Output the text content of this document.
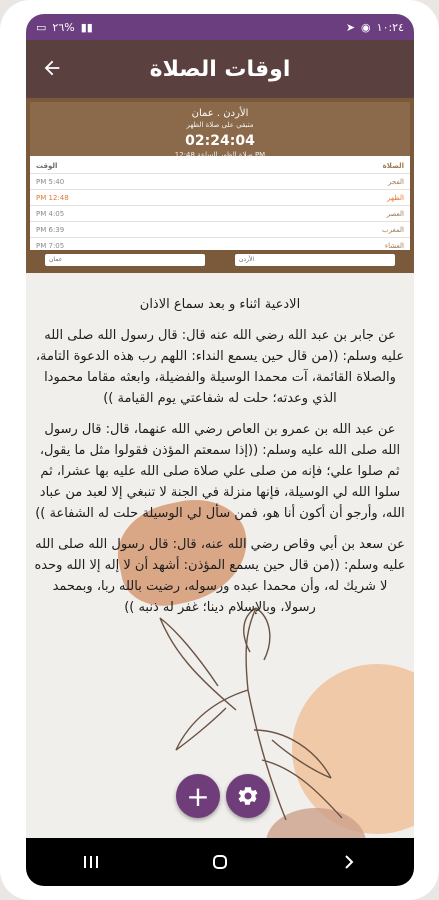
▭ ٢٦% ▮▮	➤ ◉ ١٠:٢٤
اوقات الصلاة
الأردن . عمان
متبقي على صلاة الظهر
02:24:04
صلاة الظهر الساعة 12:48 PM
الوقت	الصلاة
PM 5:40	الفجر
PM 12:48	الظهر
PM 4:05	العصر
PM 6:39	المغرب
PM 7:05	العشاء
عمان	الأردن
الادعية اثناء و بعد سماع الاذان
عن جابر بن عبد الله رضي الله عنه قال: قال رسول الله صلى الله عليه وسلم: ((من قال حين يسمع النداء: اللهم رب هذه الدعوة التامة، والصلاة القائمة، آت محمدا الوسيلة والفضيلة، وابعثه مقاما محمودا الذي وعدته؛ حلت له شفاعتي يوم القيامة ))
عن عبد الله بن عمرو بن العاص رضي الله عنهما، قال: قال رسول الله صلى الله عليه وسلم: ((إذا سمعتم المؤذن فقولوا مثل ما يقول، ثم صلوا علي؛ فإنه من صلى علي صلاة صلى الله عليه بها عشرا، ثم سلوا الله لي الوسيلة، فإنها منزلة في الجنة لا تنبغي إلا لعبد من عباد الله، وأرجو أن أكون أنا هو، فمن سأل لي الوسيلة حلت له الشفاعة ))
عن سعد بن أبي وقاص رضي الله عنه، قال: قال رسول الله صلى الله عليه وسلم: ((من قال حين يسمع المؤذن: أشهد أن لا إله إلا الله وحده لا شريك له، وأن محمدا عبده ورسوله، رضيت بالله ربا، وبمحمد رسولا، وبالإسلام دينا؛ غفر له ذنبه ))
+
